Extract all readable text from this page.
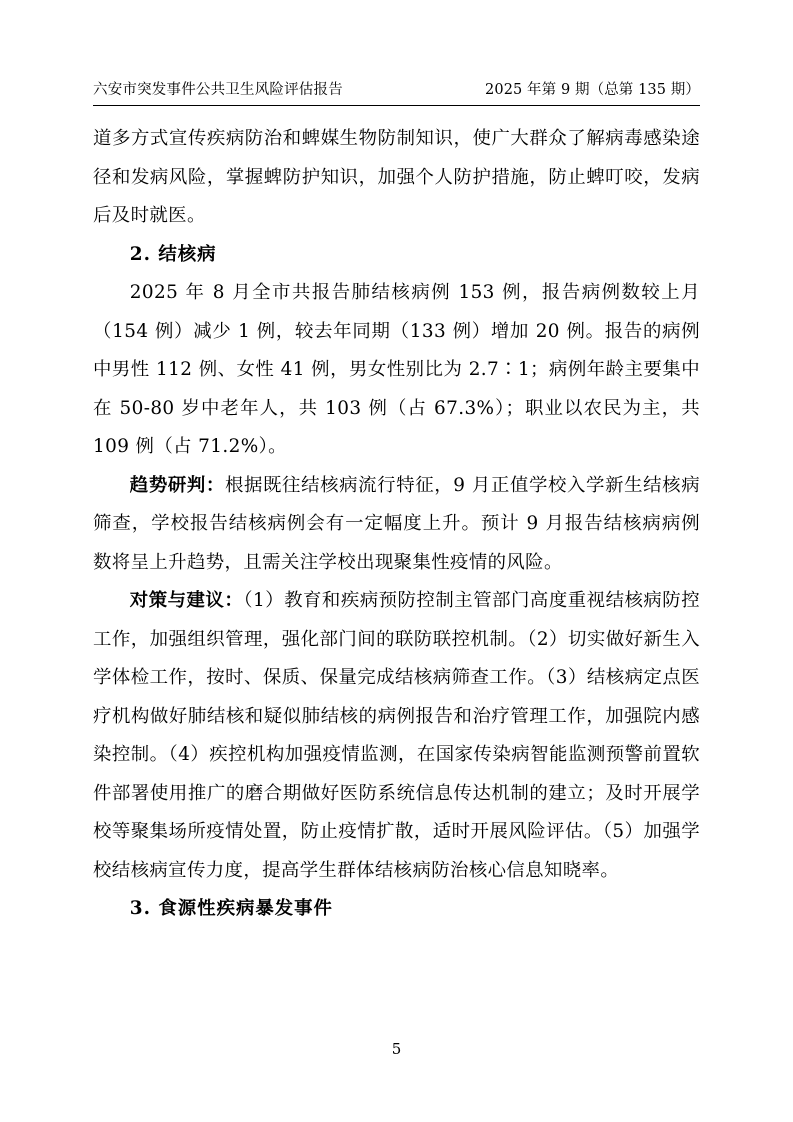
六安市突发事件公共卫生风险评估报告	2025 年第 9 期（总第 135 期）

道多方式宣传疾病防治和蜱媒生物防制知识，使广大群众了解病毒感染途径和发病风险，掌握蜱防护知识，加强个人防护措施，防止蜱叮咬，发病后及时就医。

2. 结核病

2025 年 8 月全市共报告肺结核病例 153 例，报告病例数较上月（154 例）减少 1 例，较去年同期（133 例）增加 20 例。报告的病例中男性 112 例、女性 41 例，男女性别比为 2.7∶1；病例年龄主要集中在 50-80 岁中老年人，共 103 例（占 67.3%）；职业以农民为主，共 109 例（占 71.2%）。

趋势研判：根据既往结核病流行特征，9 月正值学校入学新生结核病筛查，学校报告结核病例会有一定幅度上升。预计 9 月报告结核病病例数将呈上升趋势，且需关注学校出现聚集性疫情的风险。

对策与建议：（1）教育和疾病预防控制主管部门高度重视结核病防控工作，加强组织管理，强化部门间的联防联控机制。（2）切实做好新生入学体检工作，按时、保质、保量完成结核病筛查工作。（3）结核病定点医疗机构做好肺结核和疑似肺结核的病例报告和治疗管理工作，加强院内感染控制。（4）疾控机构加强疫情监测，在国家传染病智能监测预警前置软件部署使用推广的磨合期做好医防系统信息传达机制的建立；及时开展学校等聚集场所疫情处置，防止疫情扩散，适时开展风险评估。（5）加强学校结核病宣传力度，提高学生群体结核病防治核心信息知晓率。

3. 食源性疾病暴发事件

5
